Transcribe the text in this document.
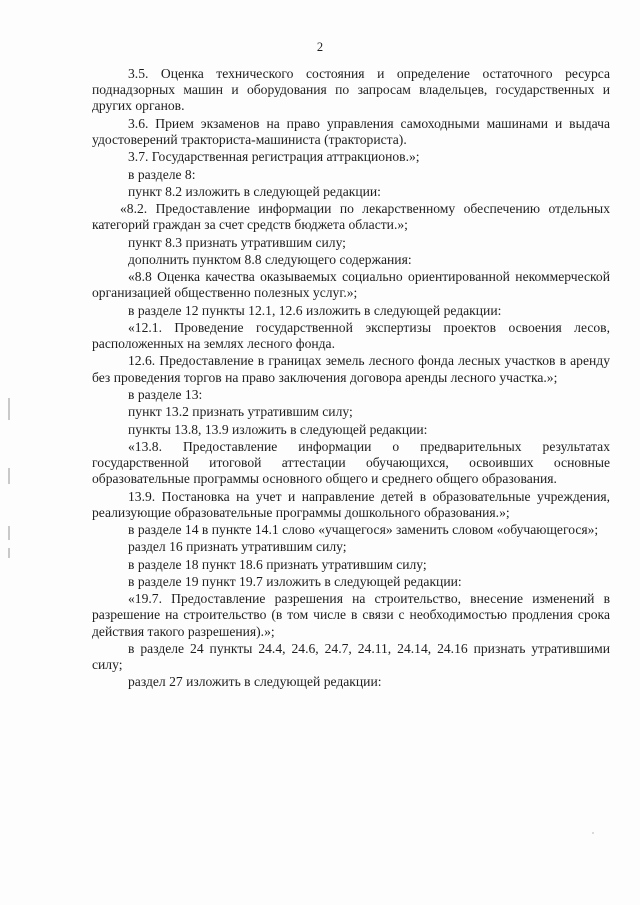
2

3.5. Оценка технического состояния и определение остаточного ресурса поднадзорных машин и оборудования по запросам владельцев, государственных и других органов.

3.6. Прием экзаменов на право управления самоходными машинами и выдача удостоверений тракториста-машиниста (тракториста).

3.7. Государственная регистрация аттракционов.»;

в разделе 8:

пункт 8.2 изложить в следующей редакции:

«8.2. Предоставление информации по лекарственному обеспечению отдельных категорий граждан за счет средств бюджета области.»;

пункт 8.3 признать утратившим силу;

дополнить пунктом 8.8 следующего содержания:

«8.8 Оценка качества оказываемых социально ориентированной некоммерческой организацией общественно полезных услуг.»;

в разделе 12 пункты 12.1, 12.6 изложить в следующей редакции:

«12.1. Проведение государственной экспертизы проектов освоения лесов, расположенных на землях лесного фонда.

12.6. Предоставление в границах земель лесного фонда лесных участков в аренду без проведения торгов на право заключения договора аренды лесного участка.»;

в разделе 13:

пункт 13.2 признать утратившим силу;

пункты 13.8, 13.9 изложить в следующей редакции:

«13.8. Предоставление информации о предварительных результатах государственной итоговой аттестации обучающихся, освоивших основные образовательные программы основного общего и среднего общего образования.

13.9. Постановка на учет и направление детей в образовательные учреждения, реализующие образовательные программы дошкольного образования.»;

в разделе 14 в пункте 14.1 слово «учащегося» заменить словом «обучающегося»;

раздел 16 признать утратившим силу;

в разделе 18 пункт 18.6 признать утратившим силу;

в разделе 19 пункт 19.7 изложить в следующей редакции:

«19.7. Предоставление разрешения на строительство, внесение изменений в разрешение на строительство (в том числе в связи с необходимостью продления срока действия такого разрешения).»;

в разделе 24 пункты 24.4, 24.6, 24.7, 24.11, 24.14, 24.16 признать утратившими силу;

раздел 27 изложить в следующей редакции:
